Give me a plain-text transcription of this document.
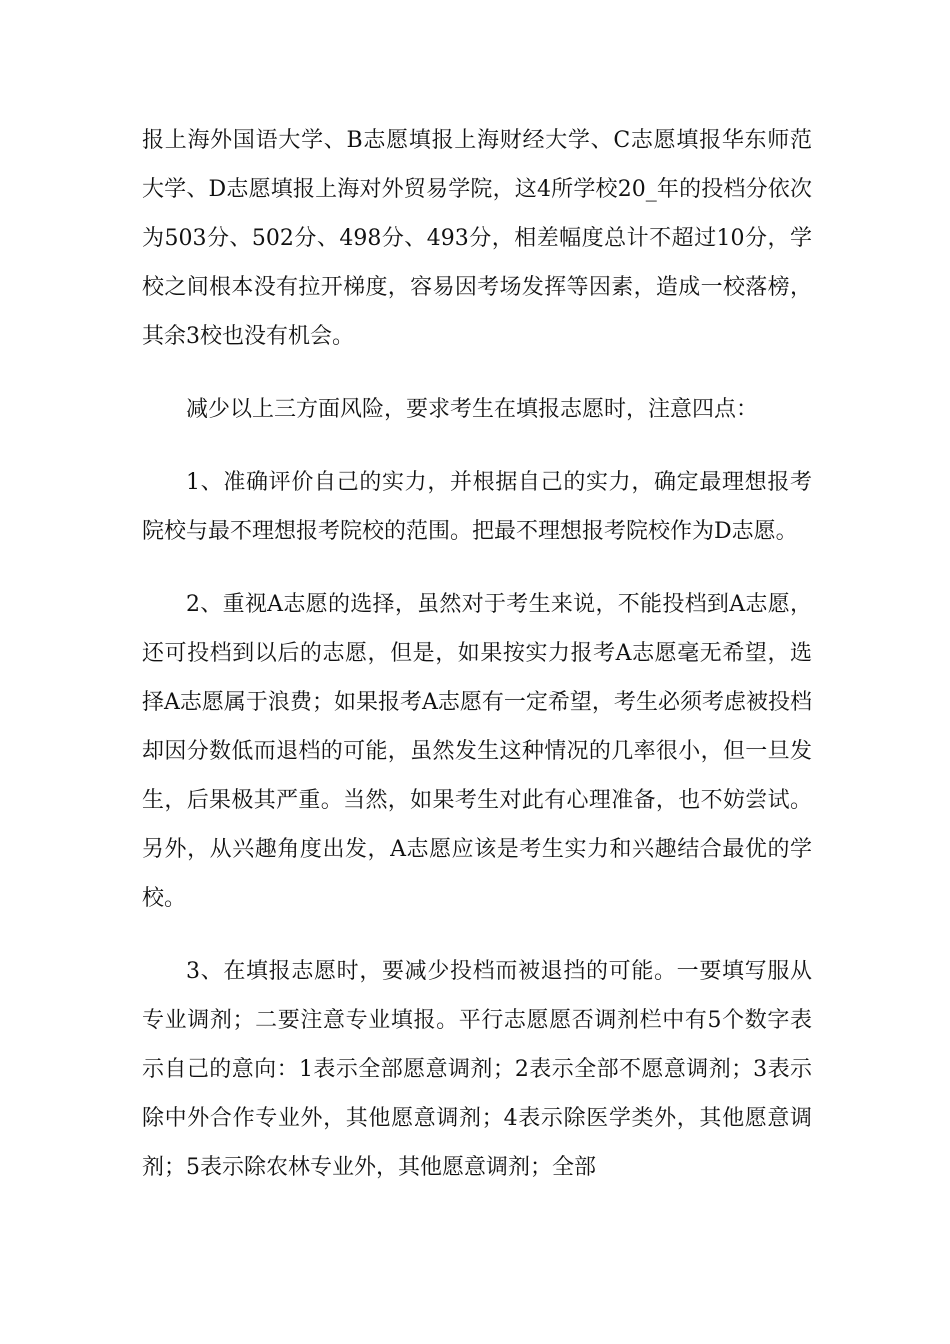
报上海外国语大学、B志愿填报上海财经大学、C志愿填报华东师范大学、D志愿填报上海对外贸易学院，这4所学校20_年的投档分依次为503分、502分、498分、493分，相差幅度总计不超过10分，学校之间根本没有拉开梯度，容易因考场发挥等因素，造成一校落榜，其余3校也没有机会。

减少以上三方面风险，要求考生在填报志愿时，注意四点：

1、准确评价自己的实力，并根据自己的实力，确定最理想报考院校与最不理想报考院校的范围。把最不理想报考院校作为D志愿。

2、重视A志愿的选择，虽然对于考生来说，不能投档到A志愿，还可投档到以后的志愿，但是，如果按实力报考A志愿毫无希望，选择A志愿属于浪费；如果报考A志愿有一定希望，考生必须考虑被投档却因分数低而退档的可能，虽然发生这种情况的几率很小，但一旦发生，后果极其严重。当然，如果考生对此有心理准备，也不妨尝试。另外，从兴趣角度出发，A志愿应该是考生实力和兴趣结合最优的学校。

3、在填报志愿时，要减少投档而被退挡的可能。一要填写服从专业调剂；二要注意专业填报。平行志愿愿否调剂栏中有5个数字表示自己的意向：1表示全部愿意调剂；2表示全部不愿意调剂；3表示除中外合作专业外，其他愿意调剂；4表示除医学类外，其他愿意调剂；5表示除农林专业外，其他愿意调剂；全部
